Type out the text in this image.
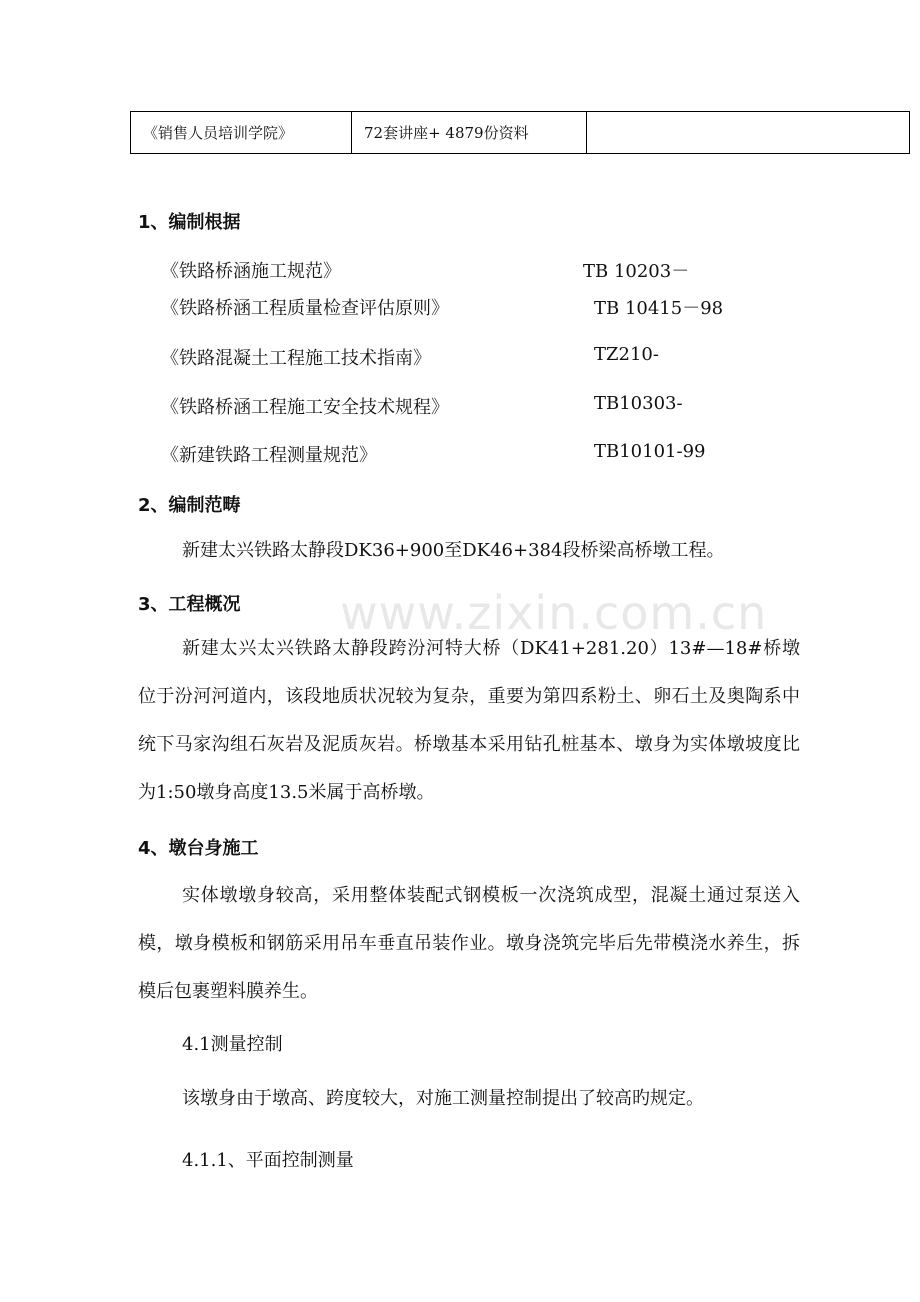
《销售人员培训学院》	72套讲座+ 4879份资料	
1、编制根据
《铁路桥涵施工规范》	TB 10203－
《铁路桥涵工程质量检查评估原则》	TB 10415－98
《铁路混凝土工程施工技术指南》	TZ210-
《铁路桥涵工程施工安全技术规程》	TB10303-
《新建铁路工程测量规范》	TB10101-99
2、编制范畴

新建太兴铁路太静段DK36+900至DK46+384段桥梁高桥墩工程。

3、工程概况

新建太兴太兴铁路太静段跨汾河特大桥（DK41+281.20）13#—18#桥墩位于汾河河道内，该段地质状况较为复杂，重要为第四系粉土、卵石土及奥陶系中统下马家沟组石灰岩及泥质灰岩。桥墩基本采用钻孔桩基本、墩身为实体墩坡度比为1:50墩身高度13.5米属于高桥墩。

www.zixin.com.cn
4、墩台身施工

实体墩墩身较高，采用整体装配式钢模板一次浇筑成型，混凝土通过泵送入模，墩身模板和钢筋采用吊车垂直吊装作业。墩身浇筑完毕后先带模浇水养生，拆模后包裹塑料膜养生。

4.1测量控制

该墩身由于墩高、跨度较大，对施工测量控制提出了较高旳规定。

4.1.1、平面控制测量
